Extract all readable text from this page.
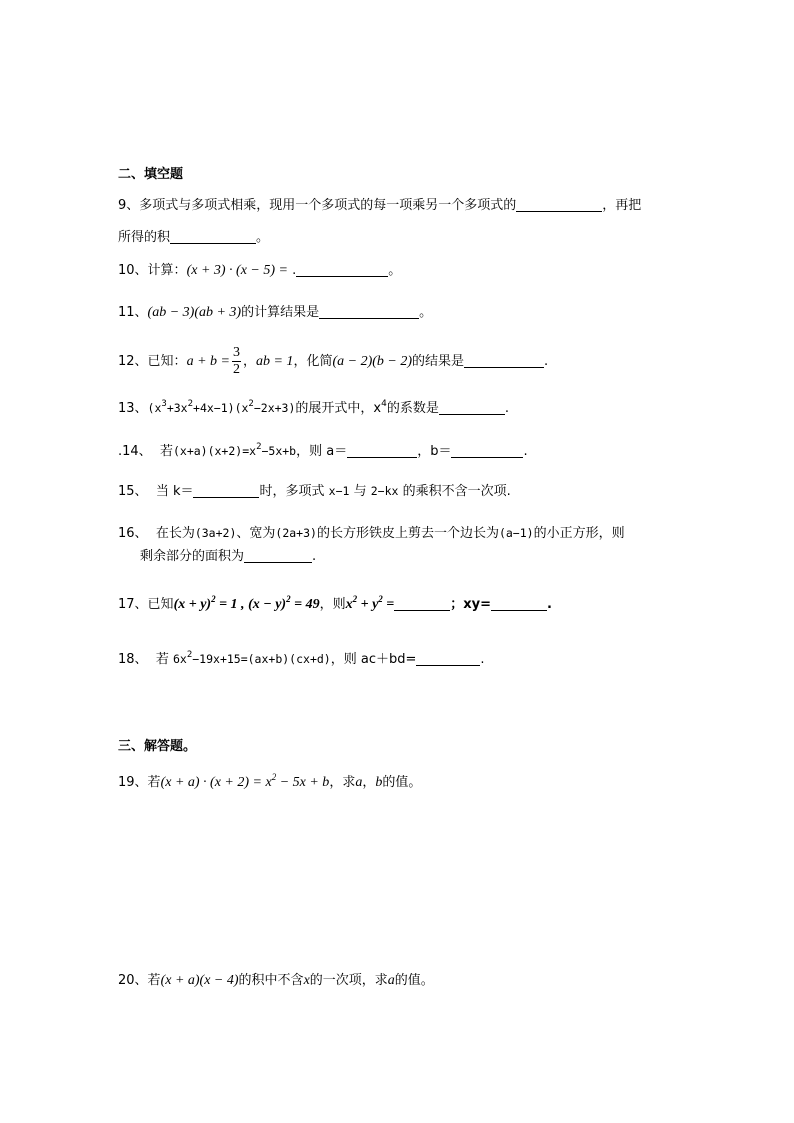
二、填空题
9、多项式与多项式相乘，现用一个多项式的每一项乘另一个多项式的	，再把
所得的积	。
10、计算：(x + 3) · (x − 5) = .	。
11、(ab − 3)(ab + 3)的计算结果是	。
12、已知：$a + b = \frac{3}{2}$ ，ab = 1，化简(a − 2)(b − 2)的结果是	.
13、$(x^3+3x^2+4x-1)(x^2-2x+3)$的展开式中，$x^4$的系数是	.
.14、 若$(x+a)(x+2)=x^2-5x+b$，则 a＝	，b＝	.
15、 当 k＝	时，多项式 x−1 与 2−kx 的乘积不含一次项.
16、 在长为(3a+2)、宽为(2a+3)的长方形铁皮上剪去一个边长为(a−1)的小正方形，则
剩余部分的面积为	.
17、已知$(x + y)^2 = 1$ , $(x - y)^2 = 49$，则$x^2 + y^2$ =	；xy=	.
18、 若 $6x^2-19x+15=(ax+b)(cx+d)$，则 ac＋bd=	.
三、解答题。
19、若$(x + a) \cdot (x + 2) = x^2 - 5x + b$，求a，b的值。
20、若(x + a)(x − 4)的积中不含x的一次项，求a的值。
